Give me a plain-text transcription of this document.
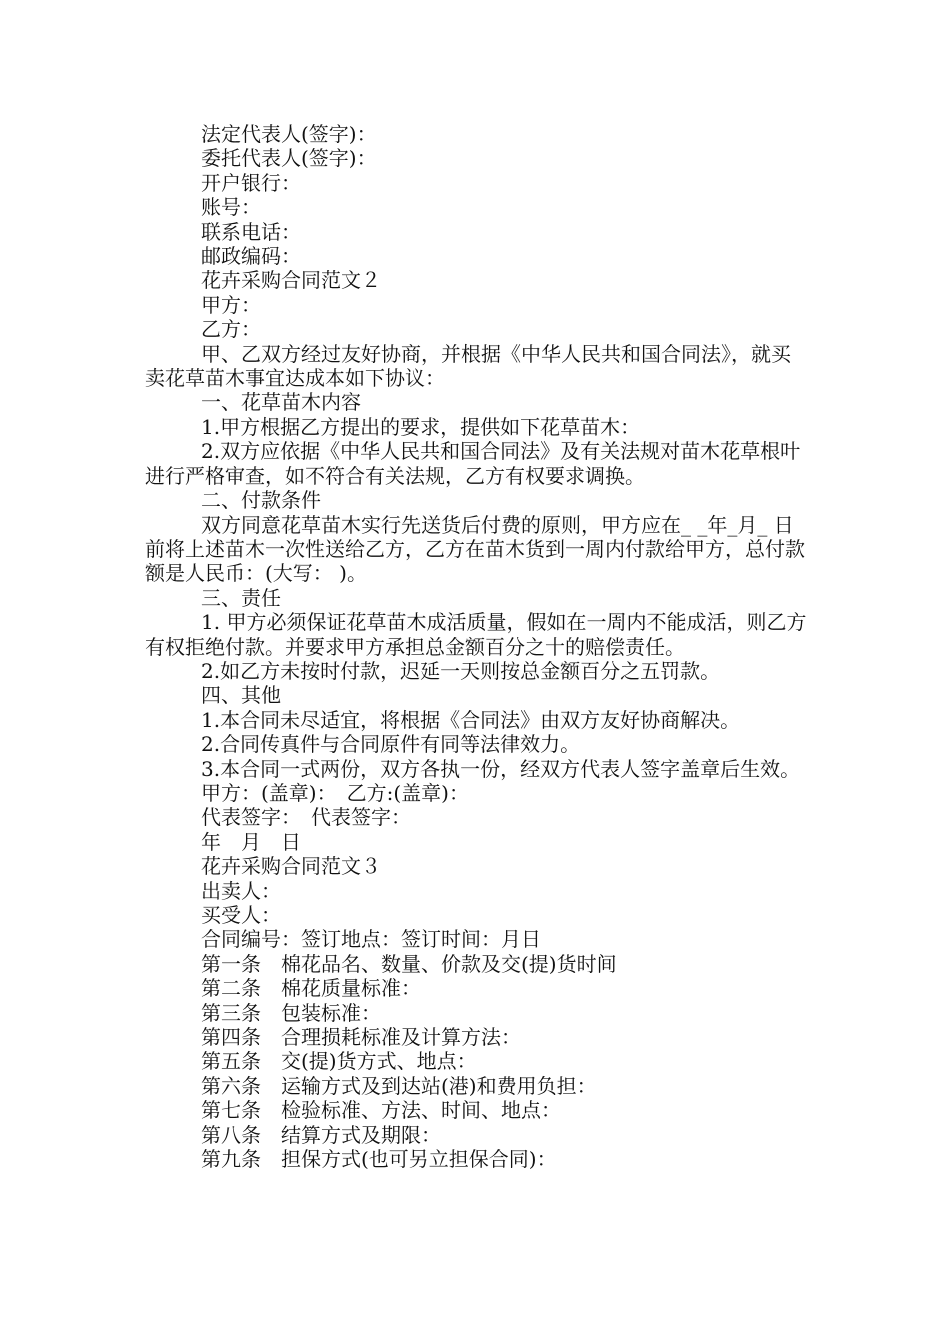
法定代表人(签字)：

委托代表人(签字)：

开户银行：

账号：

联系电话：

邮政编码：

花卉采购合同范文２

甲方：

乙方：

甲、乙双方经过友好协商，并根据《中华人民共和国合同法》，就买卖花草苗木事宜达成本如下协议：

一、花草苗木内容

1.甲方根据乙方提出的要求，提供如下花草苗木：

2.双方应依据《中华人民共和国合同法》及有关法规对苗木花草根叶进行严格审查，如不符合有关法规，乙方有权要求调换。

二、付款条件

双方同意花草苗木实行先送货后付费的原则，甲方应在_ _年_月_ 日前将上述苗木一次性送给乙方，乙方在苗木货到一周内付款给甲方，总付款额是人民币：(大写： )。

三、责任

1. 甲方必须保证花草苗木成活质量，假如在一周内不能成活，则乙方有权拒绝付款。并要求甲方承担总金额百分之十的赔偿责任。

2.如乙方未按时付款，迟延一天则按总金额百分之五罚款。

四、其他

1.本合同未尽适宜，将根据《合同法》由双方友好协商解决。

2.合同传真件与合同原件有同等法律效力。

3.本合同一式两份，双方各执一份，经双方代表人签字盖章后生效。

甲方：(盖章)：　乙方:(盖章)：

代表签字：　代表签字：

年　月　日

花卉采购合同范文３

出卖人：

买受人：

合同编号：签订地点：签订时间：月日

第一条　棉花品名、数量、价款及交(提)货时间

第二条　棉花质量标准：

第三条　包装标准：

第四条　合理损耗标准及计算方法：

第五条　交(提)货方式、地点：

第六条　运输方式及到达站(港)和费用负担：

第七条　检验标准、方法、时间、地点：

第八条　结算方式及期限：

第九条　担保方式(也可另立担保合同)：
